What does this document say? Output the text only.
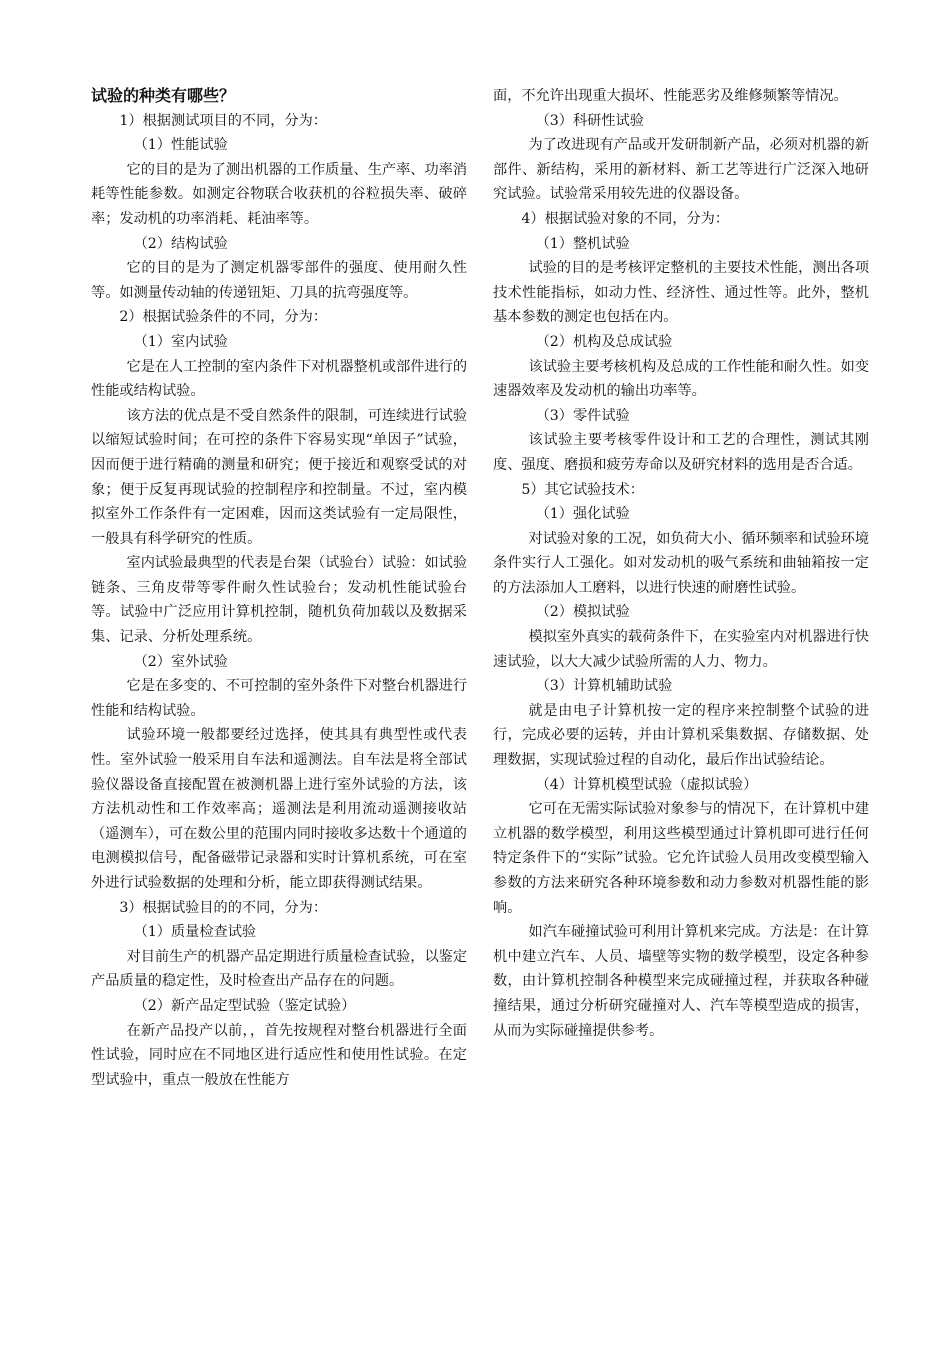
试验的种类有哪些？

1）根据测试项目的不同，分为：

（1）性能试验

它的目的是为了测出机器的工作质量、生产率、功率消耗等性能参数。如测定谷物联合收获机的谷粒损失率、破碎率；发动机的功率消耗、耗油率等。

（2）结构试验

它的目的是为了测定机器零部件的强度、使用耐久性等。如测量传动轴的传递钮矩、刀具的抗弯强度等。

2）根据试验条件的不同，分为：

（1）室内试验

它是在人工控制的室内条件下对机器整机或部件进行的性能或结构试验。

该方法的优点是不受自然条件的限制，可连续进行试验以缩短试验时间；在可控的条件下容易实现“单因子”试验，因而便于进行精确的测量和研究；便于接近和观察受试的对象；便于反复再现试验的控制程序和控制量。不过，室内模拟室外工作条件有一定困难，因而这类试验有一定局限性，一般具有科学研究的性质。

室内试验最典型的代表是台架（试验台）试验：如试验链条、三角皮带等零件耐久性试验台；发动机性能试验台等。试验中广泛应用计算机控制，随机负荷加载以及数据采集、记录、分析处理系统。

（2）室外试验

它是在多变的、不可控制的室外条件下对整台机器进行性能和结构试验。

试验环境一般都要经过选择，使其具有典型性或代表性。室外试验一般采用自车法和遥测法。自车法是将全部试验仪器设备直接配置在被测机器上进行室外试验的方法，该方法机动性和工作效率高；遥测法是利用流动遥测接收站（遥测车），可在数公里的范围内同时接收多达数十个通道的电测模拟信号，配备磁带记录器和实时计算机系统，可在室外进行试验数据的处理和分析，能立即获得测试结果。

3）根据试验目的的不同，分为：

（1）质量检查试验

对目前生产的机器产品定期进行质量检查试验，以鉴定产品质量的稳定性，及时检查出产品存在的问题。

（2）新产品定型试验（鉴定试验）

在新产品投产以前，，首先按规程对整台机器进行全面性试验，同时应在不同地区进行适应性和使用性试验。在定型试验中，重点一般放在性能方

面，不允许出现重大损坏、性能恶劣及维修频繁等情况。

（3）科研性试验

为了改进现有产品或开发研制新产品，必须对机器的新部件、新结构，采用的新材料、新工艺等进行广泛深入地研究试验。试验常采用较先进的仪器设备。

4）根据试验对象的不同，分为：

（1）整机试验

试验的目的是考核评定整机的主要技术性能，测出各项技术性能指标，如动力性、经济性、通过性等。此外，整机基本参数的测定也包括在内。

（2）机构及总成试验

该试验主要考核机构及总成的工作性能和耐久性。如变速器效率及发动机的输出功率等。

（3）零件试验

该试验主要考核零件设计和工艺的合理性，测试其刚度、强度、磨损和疲劳寿命以及研究材料的选用是否合适。

5）其它试验技术：

（1）强化试验

对试验对象的工况，如负荷大小、循环频率和试验环境条件实行人工强化。如对发动机的吸气系统和曲轴箱按一定的方法添加人工磨料，以进行快速的耐磨性试验。

（2）模拟试验

模拟室外真实的载荷条件下，在实验室内对机器进行快速试验，以大大减少试验所需的人力、物力。

（3）计算机辅助试验

就是由电子计算机按一定的程序来控制整个试验的进行，完成必要的运转，并由计算机采集数据、存储数据、处理数据，实现试验过程的自动化，最后作出试验结论。

（4）计算机模型试验（虚拟试验）

它可在无需实际试验对象参与的情况下，在计算机中建立机器的数学模型，利用这些模型通过计算机即可进行任何特定条件下的“实际”试验。它允许试验人员用改变模型输入参数的方法来研究各种环境参数和动力参数对机器性能的影响。

如汽车碰撞试验可利用计算机来完成。方法是：在计算机中建立汽车、人员、墙壁等实物的数学模型，设定各种参数，由计算机控制各种模型来完成碰撞过程，并获取各种碰撞结果，通过分析研究碰撞对人、汽车等模型造成的损害，从而为实际碰撞提供参考。
